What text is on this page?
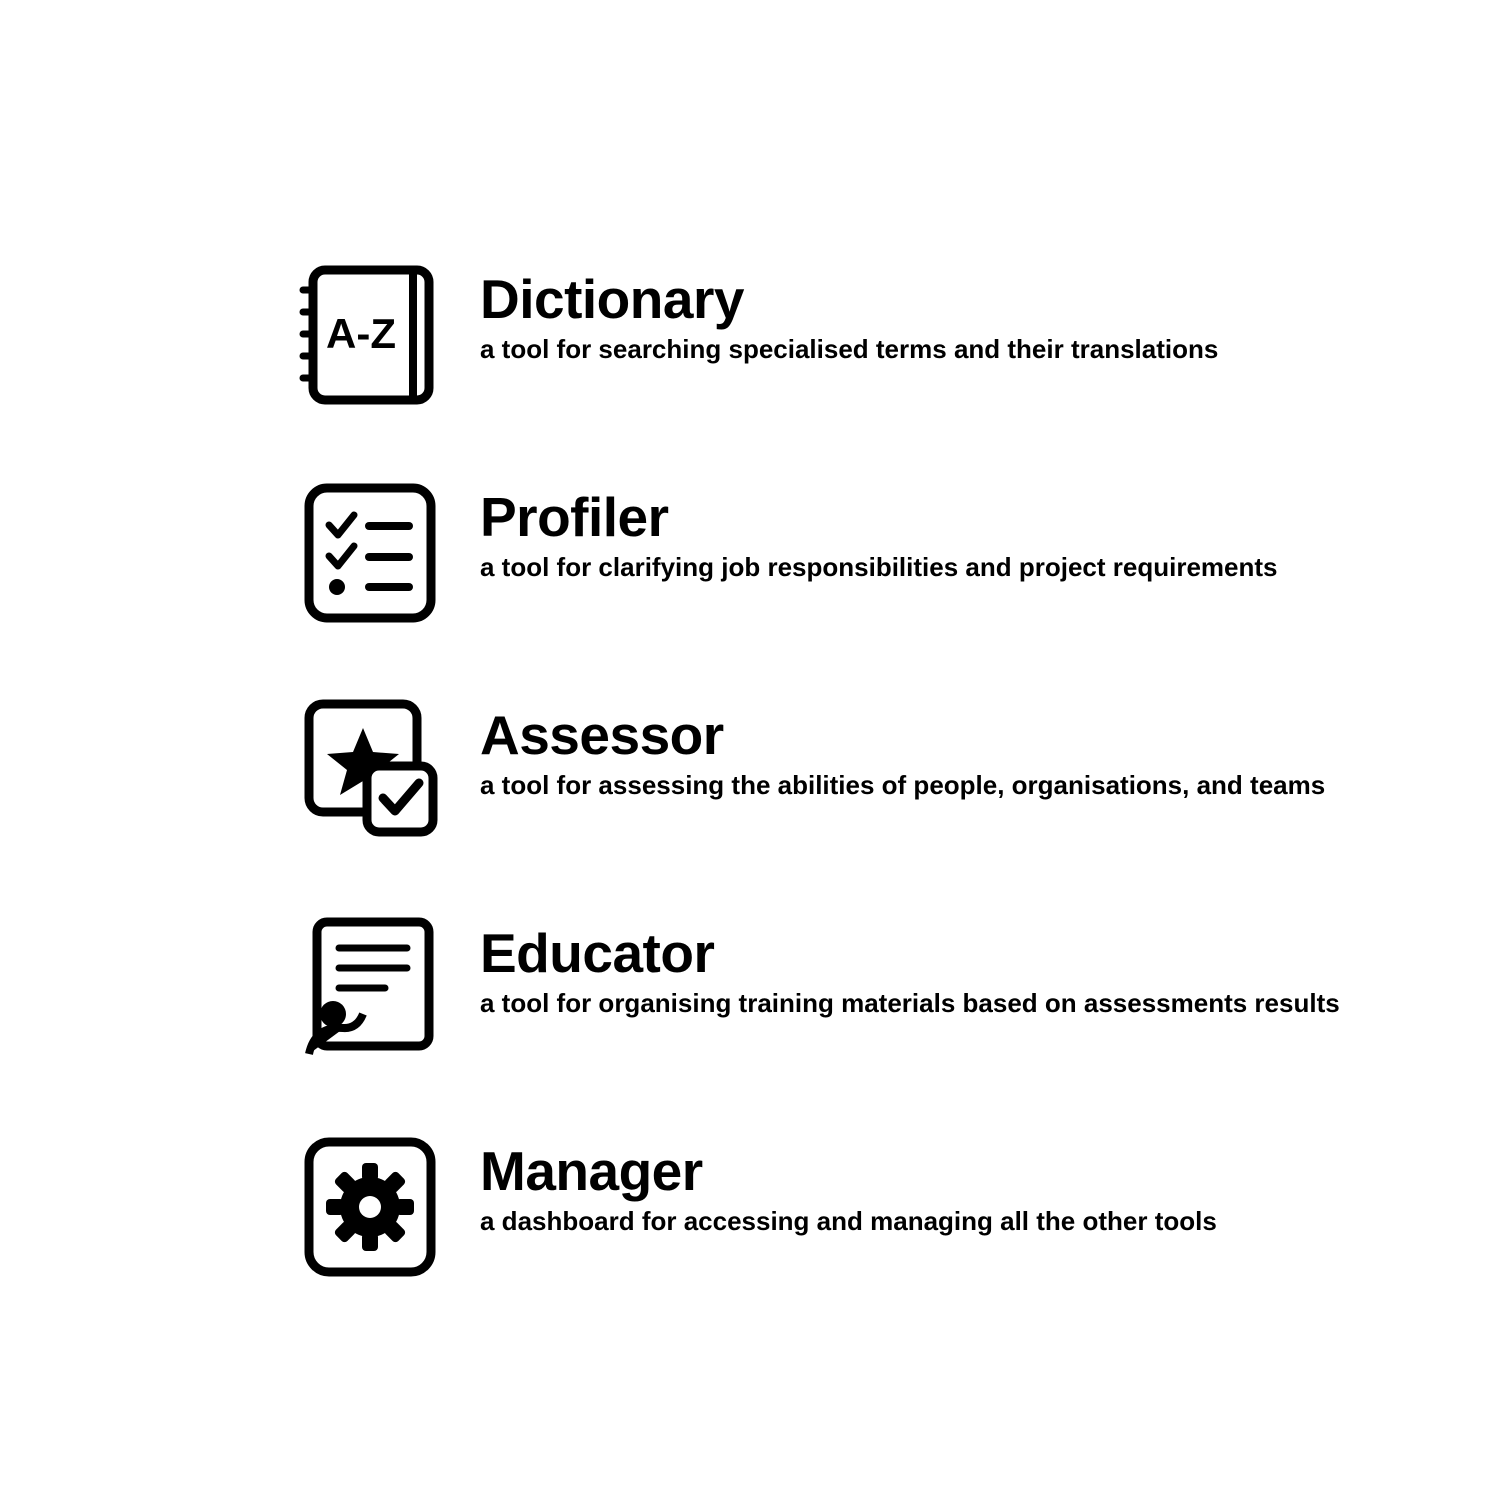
A-Z
Dictionary
a tool for searching specialised terms and their translations
Profiler
a tool for clarifying job responsibilities and project requirements
Assessor
a tool for assessing the abilities of people, organisations, and teams
Educator
a tool for organising training materials based on assessments results
Manager
a dashboard for accessing and managing all the other tools
